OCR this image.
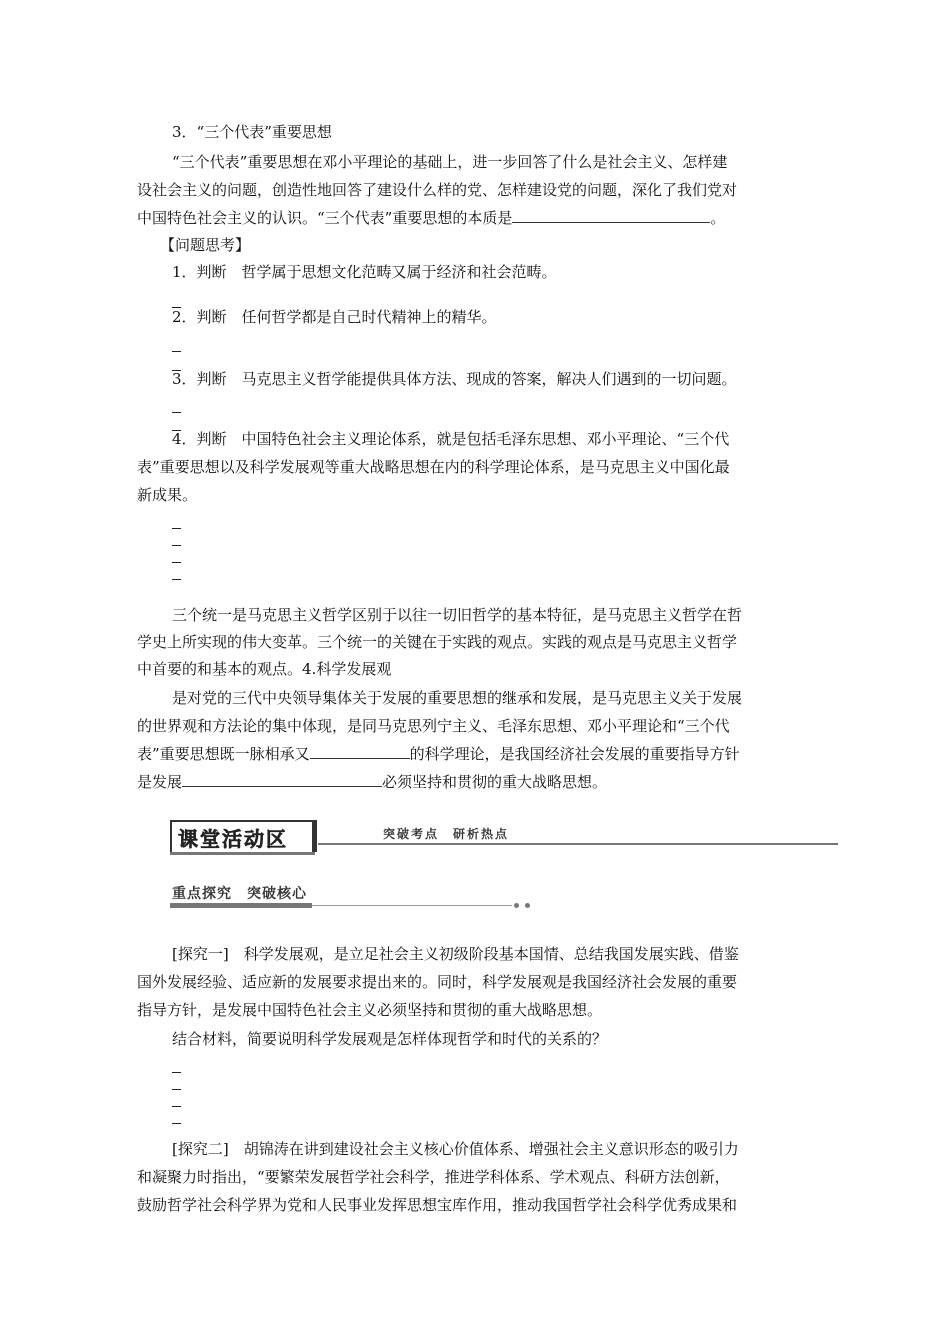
3．“三个代表”重要思想
“三个代表”重要思想在邓小平理论的基础上，进一步回答了什么是社会主义、怎样建
设社会主义的问题，创造性地回答了建设什么样的党、怎样建设党的问题，深化了我们党对
中国特色社会主义的认识。“三个代表”重要思想的本质是	。
【问题思考】
1．判断　哲学属于思想文化范畴又属于经济和社会范畴。
2．判断　任何哲学都是自己时代精神上的精华。
3．判断　马克思主义哲学能提供具体方法、现成的答案，解决人们遇到的一切问题。
4．判断　中国特色社会主义理论体系，就是包括毛泽东思想、邓小平理论、“三个代
表”重要思想以及科学发展观等重大战略思想在内的科学理论体系，是马克思主义中国化最
新成果。
三个统一是马克思主义哲学区别于以往一切旧哲学的基本特征，是马克思主义哲学在哲
学史上所实现的伟大变革。三个统一的关键在于实践的观点。实践的观点是马克思主义哲学
中首要的和基本的观点。4.科学发展观
是对党的三代中央领导集体关于发展的重要思想的继承和发展，是马克思主义关于发展
的世界观和方法论的集中体现，是同马克思列宁主义、毛泽东思想、邓小平理论和“三个代
表”重要思想既一脉相承又	的科学理论，是我国经济社会发展的重要指导方针
是发展	必须坚持和贯彻的重大战略思想。
课堂活动区	突破考点　研析热点
重点探究　突破核心
[探究一]　科学发展观，是立足社会主义初级阶段基本国情、总结我国发展实践、借鉴
国外发展经验、适应新的发展要求提出来的。同时，科学发展观是我国经济社会发展的重要
指导方针，是发展中国特色社会主义必须坚持和贯彻的重大战略思想。
结合材料，简要说明科学发展观是怎样体现哲学和时代的关系的？
[探究二]　胡锦涛在讲到建设社会主义核心价值体系、增强社会主义意识形态的吸引力
和凝聚力时指出，“要繁荣发展哲学社会科学，推进学科体系、学术观点、科研方法创新，
鼓励哲学社会科学界为党和人民事业发挥思想宝库作用，推动我国哲学社会科学优秀成果和
